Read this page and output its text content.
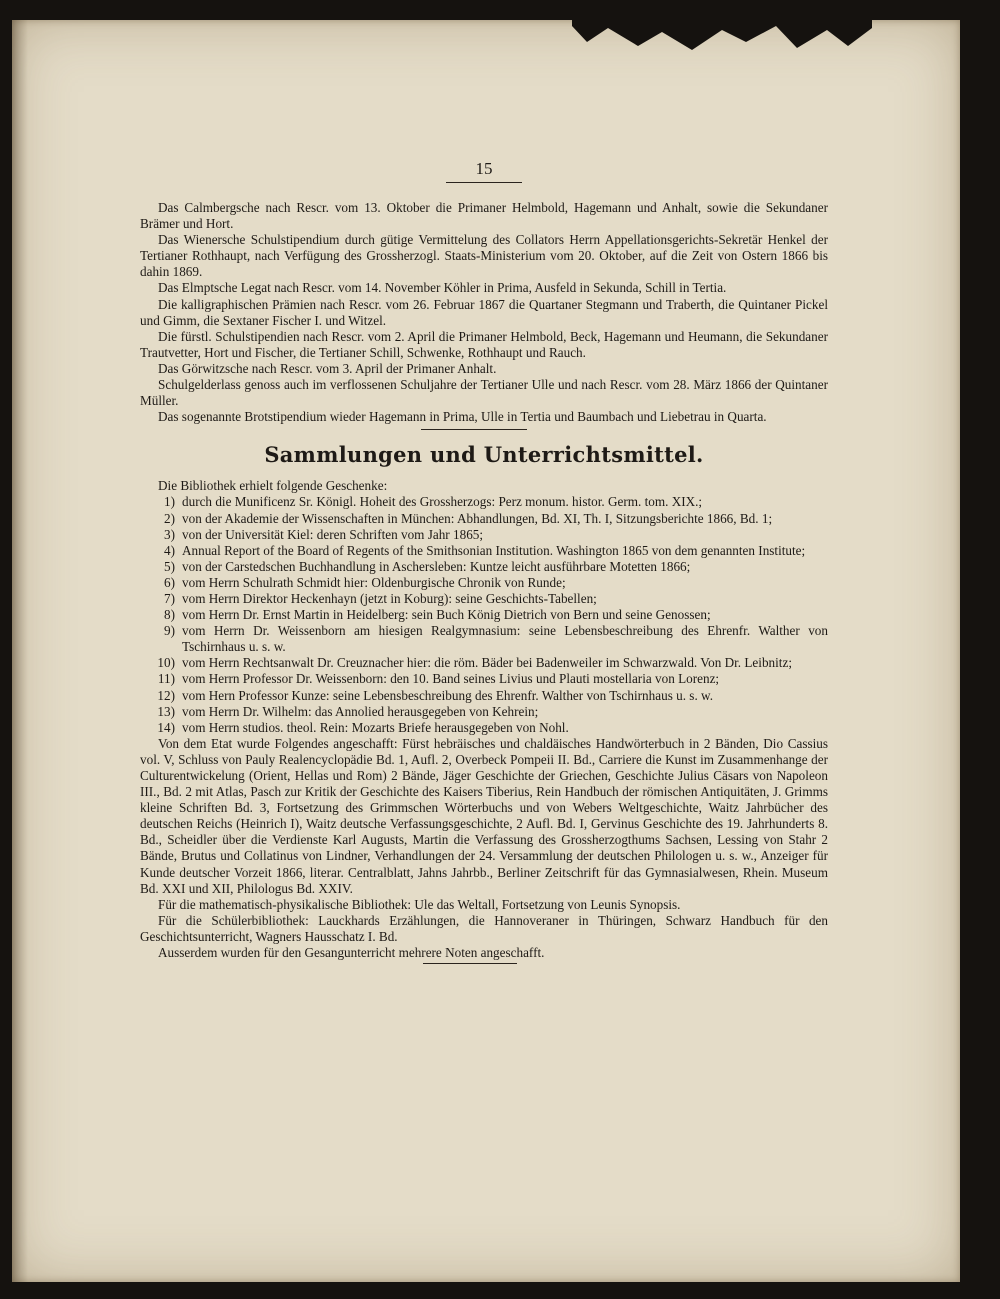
15

Das Calmbergsche nach Rescr. vom 13. Oktober die Primaner Helmbold, Hagemann und Anhalt, sowie die Sekundaner Brämer und Hort.

Das Wienersche Schulstipendium durch gütige Vermittelung des Collators Herrn Appellationsgerichts-Sekretär Henkel der Tertianer Rothhaupt, nach Verfügung des Grossherzogl. Staats-Ministerium vom 20. Oktober, auf die Zeit von Ostern 1866 bis dahin 1869.

Das Elmptsche Legat nach Rescr. vom 14. November Köhler in Prima, Ausfeld in Sekunda, Schill in Tertia.

Die kalligraphischen Prämien nach Rescr. vom 26. Februar 1867 die Quartaner Stegmann und Traberth, die Quintaner Pickel und Gimm, die Sextaner Fischer I. und Witzel.

Die fürstl. Schulstipendien nach Rescr. vom 2. April die Primaner Helmbold, Beck, Hagemann und Heumann, die Sekundaner Trautvetter, Hort und Fischer, die Tertianer Schill, Schwenke, Rothhaupt und Rauch.

Das Görwitzsche nach Rescr. vom 3. April der Primaner Anhalt.

Schulgelderlass genoss auch im verflossenen Schuljahre der Tertianer Ulle und nach Rescr. vom 28. März 1866 der Quintaner Müller.

Das sogenannte Brotstipendium wieder Hagemann in Prima, Ulle in Tertia und Baumbach und Liebetrau in Quarta.

Sammlungen und Unterrichtsmittel.

Die Bibliothek erhielt folgende Geschenke:

1) durch die Munificenz Sr. Königl. Hoheit des Grossherzogs: Perz monum. histor. Germ. tom. XIX.;
2) von der Akademie der Wissenschaften in München: Abhandlungen, Bd. XI, Th. I, Sitzungsberichte 1866, Bd. 1;
3) von der Universität Kiel: deren Schriften vom Jahr 1865;
4) Annual Report of the Board of Regents of the Smithsonian Institution. Washington 1865 von dem genannten Institute;
5) von der Carstedschen Buchhandlung in Aschersleben: Kuntze leicht ausführbare Motetten 1866;
6) vom Herrn Schulrath Schmidt hier: Oldenburgische Chronik von Runde;
7) vom Herrn Direktor Heckenhayn (jetzt in Koburg): seine Geschichts-Tabellen;
8) vom Herrn Dr. Ernst Martin in Heidelberg: sein Buch König Dietrich von Bern und seine Genossen;
9) vom Herrn Dr. Weissenborn am hiesigen Realgymnasium: seine Lebensbeschreibung des Ehrenfr. Walther von Tschirnhaus u. s. w.
10) vom Herrn Rechtsanwalt Dr. Creuznacher hier: die röm. Bäder bei Badenweiler im Schwarzwald. Von Dr. Leibnitz;
11) vom Herrn Professor Dr. Weissenborn: den 10. Band seines Livius und Plauti mostellaria von Lorenz;
12) vom Hern Professor Kunze: seine Lebensbeschreibung des Ehrenfr. Walther von Tschirnhaus u. s. w.
13) vom Herrn Dr. Wilhelm: das Annolied herausgegeben von Kehrein;
14) vom Herrn studios. theol. Rein: Mozarts Briefe herausgegeben von Nohl.

Von dem Etat wurde Folgendes angeschafft: Fürst hebräisches und chaldäisches Handwörterbuch in 2 Bänden, Dio Cassius vol. V, Schluss von Pauly Realencyclopädie Bd. 1, Aufl. 2, Overbeck Pompeii II. Bd., Carriere die Kunst im Zusammenhange der Culturentwickelung (Orient, Hellas und Rom) 2 Bände, Jäger Geschichte der Griechen, Geschichte Julius Cäsars von Napoleon III., Bd. 2 mit Atlas, Pasch zur Kritik der Geschichte des Kaisers Tiberius, Rein Handbuch der römischen Antiquitäten, J. Grimms kleine Schriften Bd. 3, Fortsetzung des Grimmschen Wörterbuchs und von Webers Weltgeschichte, Waitz Jahrbücher des deutschen Reichs (Heinrich I), Waitz deutsche Verfassungsgeschichte, 2 Aufl. Bd. I, Gervinus Geschichte des 19. Jahrhunderts 8. Bd., Scheidler über die Verdienste Karl Augusts, Martin die Verfassung des Grossherzogthums Sachsen, Lessing von Stahr 2 Bände, Brutus und Collatinus von Lindner, Verhandlungen der 24. Versammlung der deutschen Philologen u. s. w., Anzeiger für Kunde deutscher Vorzeit 1866, literar. Centralblatt, Jahns Jahrbb., Berliner Zeitschrift für das Gymnasialwesen, Rhein. Museum Bd. XXI und XII, Philologus Bd. XXIV.

Für die mathematisch-physikalische Bibliothek: Ule das Weltall, Fortsetzung von Leunis Synopsis.

Für die Schülerbibliothek: Lauckhards Erzählungen, die Hannoveraner in Thüringen, Schwarz Handbuch für den Geschichtsunterricht, Wagners Hausschatz I. Bd.

Ausserdem wurden für den Gesangunterricht mehrere Noten angeschafft.
